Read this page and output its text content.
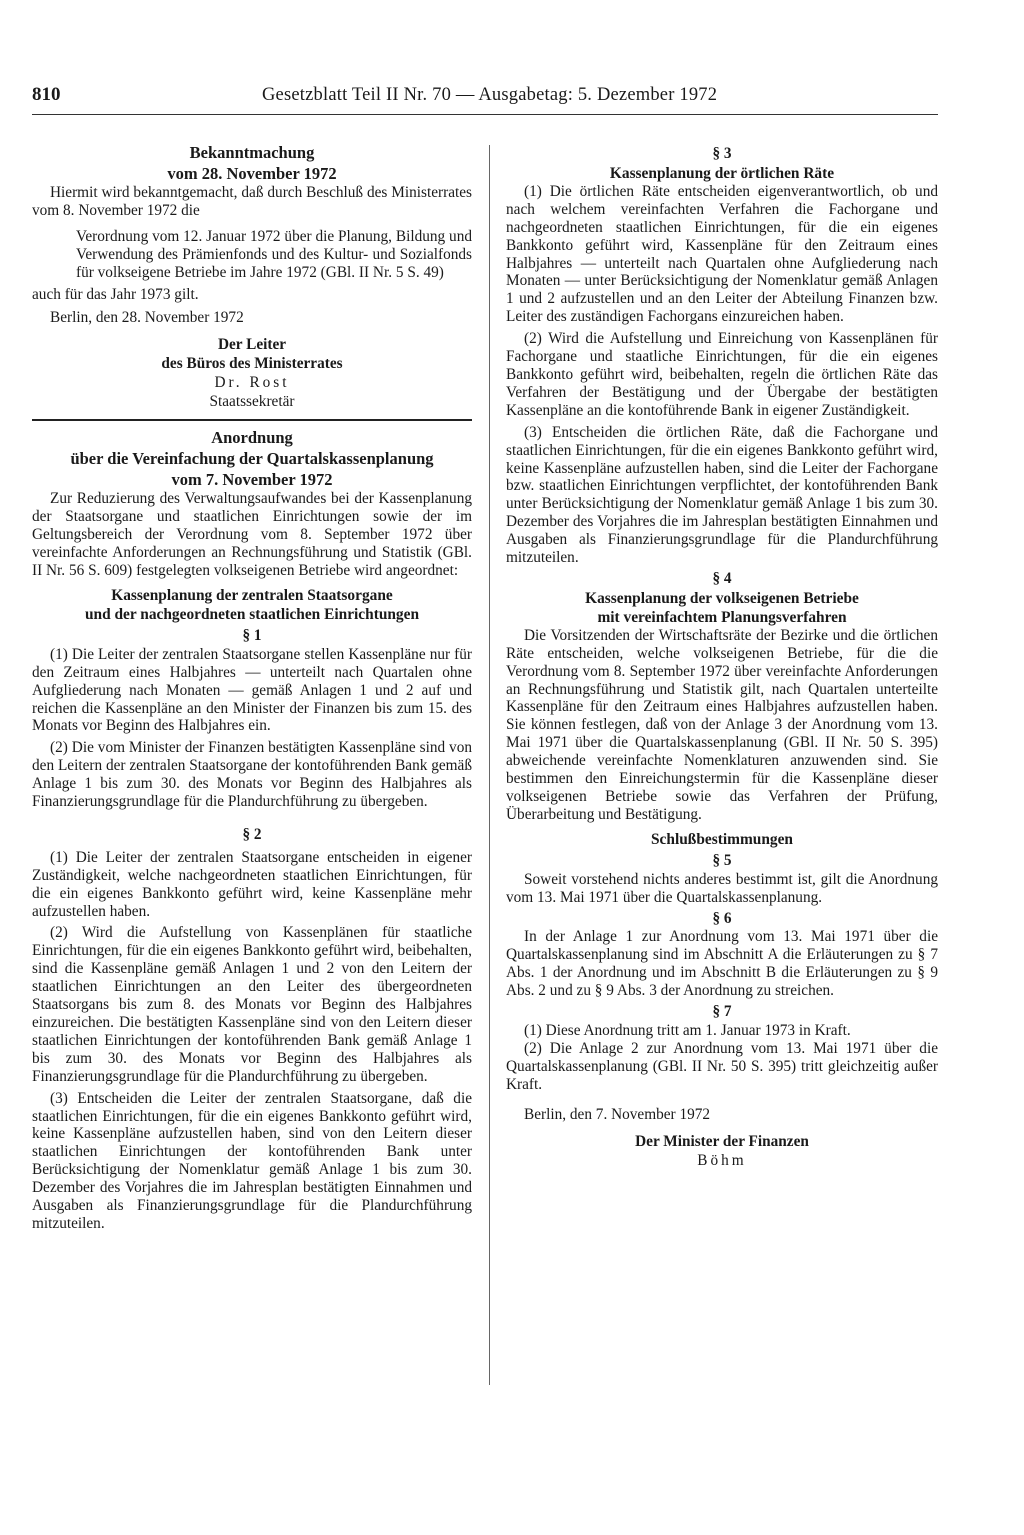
810	Gesetzblatt Teil II Nr. 70 — Ausgabetag: 5. Dezember 1972
Bekanntmachung
vom 28. November 1972

Hiermit wird bekanntgemacht, daß durch Beschluß des Ministerrates vom 8. November 1972 die

Verordnung vom 12. Januar 1972 über die Planung, Bildung und Verwendung des Prämienfonds und des Kultur- und Sozialfonds für volkseigene Betriebe im Jahre 1972 (GBl. II Nr. 5 S. 49)

auch für das Jahr 1973 gilt.

Berlin, den 28. November 1972

Der Leiter
des Büros des Ministerrates
Dr. Rost
Staatssekretär
Anordnung
über die Vereinfachung der Quartalskassenplanung
vom 7. November 1972

Zur Reduzierung des Verwaltungsaufwandes bei der Kassenplanung der Staatsorgane und staatlichen Einrichtungen sowie der im Geltungsbereich der Verordnung vom 8. September 1972 über vereinfachte Anforderungen an Rechnungsführung und Statistik (GBl. II Nr. 56 S. 609) festgelegten volkseigenen Betriebe wird angeordnet:

Kassenplanung der zentralen Staatsorgane
und der nachgeordneten staatlichen Einrichtungen
§ 1

(1) Die Leiter der zentralen Staatsorgane stellen Kassenpläne nur für den Zeitraum eines Halbjahres — unterteilt nach Quartalen ohne Aufgliederung nach Monaten — gemäß Anlagen 1 und 2 auf und reichen die Kassenpläne an den Minister der Finanzen bis zum 15. des Monats vor Beginn des Halbjahres ein.

(2) Die vom Minister der Finanzen bestätigten Kassenpläne sind von den Leitern der zentralen Staatsorgane der kontoführenden Bank gemäß Anlage 1 bis zum 30. des Monats vor Beginn des Halbjahres als Finanzierungsgrundlage für die Plandurchführung zu übergeben.

§ 2

(1) Die Leiter der zentralen Staatsorgane entscheiden in eigener Zuständigkeit, welche nachgeordneten staatlichen Einrichtungen, für die ein eigenes Bankkonto geführt wird, keine Kassenpläne mehr aufzustellen haben.

(2) Wird die Aufstellung von Kassenplänen für staatliche Einrichtungen, für die ein eigenes Bankkonto geführt wird, beibehalten, sind die Kassenpläne gemäß Anlagen 1 und 2 von den Leitern der staatlichen Einrichtungen an den Leiter des übergeordneten Staatsorgans bis zum 8. des Monats vor Beginn des Halbjahres einzureichen. Die bestätigten Kassenpläne sind von den Leitern dieser staatlichen Einrichtungen der kontoführenden Bank gemäß Anlage 1 bis zum 30. des Monats vor Beginn des Halbjahres als Finanzierungsgrundlage für die Plandurchführung zu übergeben.

(3) Entscheiden die Leiter der zentralen Staatsorgane, daß die staatlichen Einrichtungen, für die ein eigenes Bankkonto geführt wird, keine Kassenpläne aufzustellen haben, sind von den Leitern dieser staatlichen Einrichtungen der kontoführenden Bank unter Berücksichtigung der Nomenklatur gemäß Anlage 1 bis zum 30. Dezember des Vorjahres die im Jahresplan bestätigten Einnahmen und Ausgaben als Finanzierungsgrundlage für die Plandurchführung mitzuteilen.

§ 3
Kassenplanung der örtlichen Räte

(1) Die örtlichen Räte entscheiden eigenverantwortlich, ob und nach welchem vereinfachten Verfahren die Fachorgane und nachgeordneten staatlichen Einrichtungen, für die ein eigenes Bankkonto geführt wird, Kassenpläne für den Zeitraum eines Halbjahres — unterteilt nach Quartalen ohne Aufgliederung nach Monaten — unter Berücksichtigung der Nomenklatur gemäß Anlagen 1 und 2 aufzustellen und an den Leiter der Abteilung Finanzen bzw. Leiter des zuständigen Fachorgans einzureichen haben.

(2) Wird die Aufstellung und Einreichung von Kassenplänen für Fachorgane und staatliche Einrichtungen, für die ein eigenes Bankkonto geführt wird, beibehalten, regeln die örtlichen Räte das Verfahren der Bestätigung und der Übergabe der bestätigten Kassenpläne an die kontoführende Bank in eigener Zuständigkeit.

(3) Entscheiden die örtlichen Räte, daß die Fachorgane und staatlichen Einrichtungen, für die ein eigenes Bankkonto geführt wird, keine Kassenpläne aufzustellen haben, sind die Leiter der Fachorgane bzw. staatlichen Einrichtungen verpflichtet, der kontoführenden Bank unter Berücksichtigung der Nomenklatur gemäß Anlage 1 bis zum 30. Dezember des Vorjahres die im Jahresplan bestätigten Einnahmen und Ausgaben als Finanzierungsgrundlage für die Plandurchführung mitzuteilen.

§ 4
Kassenplanung der volkseigenen Betriebe
mit vereinfachtem Planungsverfahren

Die Vorsitzenden der Wirtschaftsräte der Bezirke und die örtlichen Räte entscheiden, welche volkseigenen Betriebe, für die die Verordnung vom 8. September 1972 über vereinfachte Anforderungen an Rechnungsführung und Statistik gilt, nach Quartalen unterteilte Kassenpläne für den Zeitraum eines Halbjahres aufzustellen haben. Sie können festlegen, daß von der Anlage 3 der Anordnung vom 13. Mai 1971 über die Quartalskassenplanung (GBl. II Nr. 50 S. 395) abweichende vereinfachte Nomenklaturen anzuwenden sind. Sie bestimmen den Einreichungstermin für die Kassenpläne dieser volkseigenen Betriebe sowie das Verfahren der Prüfung, Überarbeitung und Bestätigung.

Schlußbestimmungen
§ 5

Soweit vorstehend nichts anderes bestimmt ist, gilt die Anordnung vom 13. Mai 1971 über die Quartalskassenplanung.

§ 6

In der Anlage 1 zur Anordnung vom 13. Mai 1971 über die Quartalskassenplanung sind im Abschnitt A die Erläuterungen zu § 7 Abs. 1 der Anordnung und im Abschnitt B die Erläuterungen zu § 9 Abs. 2 und zu § 9 Abs. 3 der Anordnung zu streichen.

§ 7

(1) Diese Anordnung tritt am 1. Januar 1973 in Kraft.

(2) Die Anlage 2 zur Anordnung vom 13. Mai 1971 über die Quartalskassenplanung (GBl. II Nr. 50 S. 395) tritt gleichzeitig außer Kraft.

Berlin, den 7. November 1972

Der Minister der Finanzen
Böhm
